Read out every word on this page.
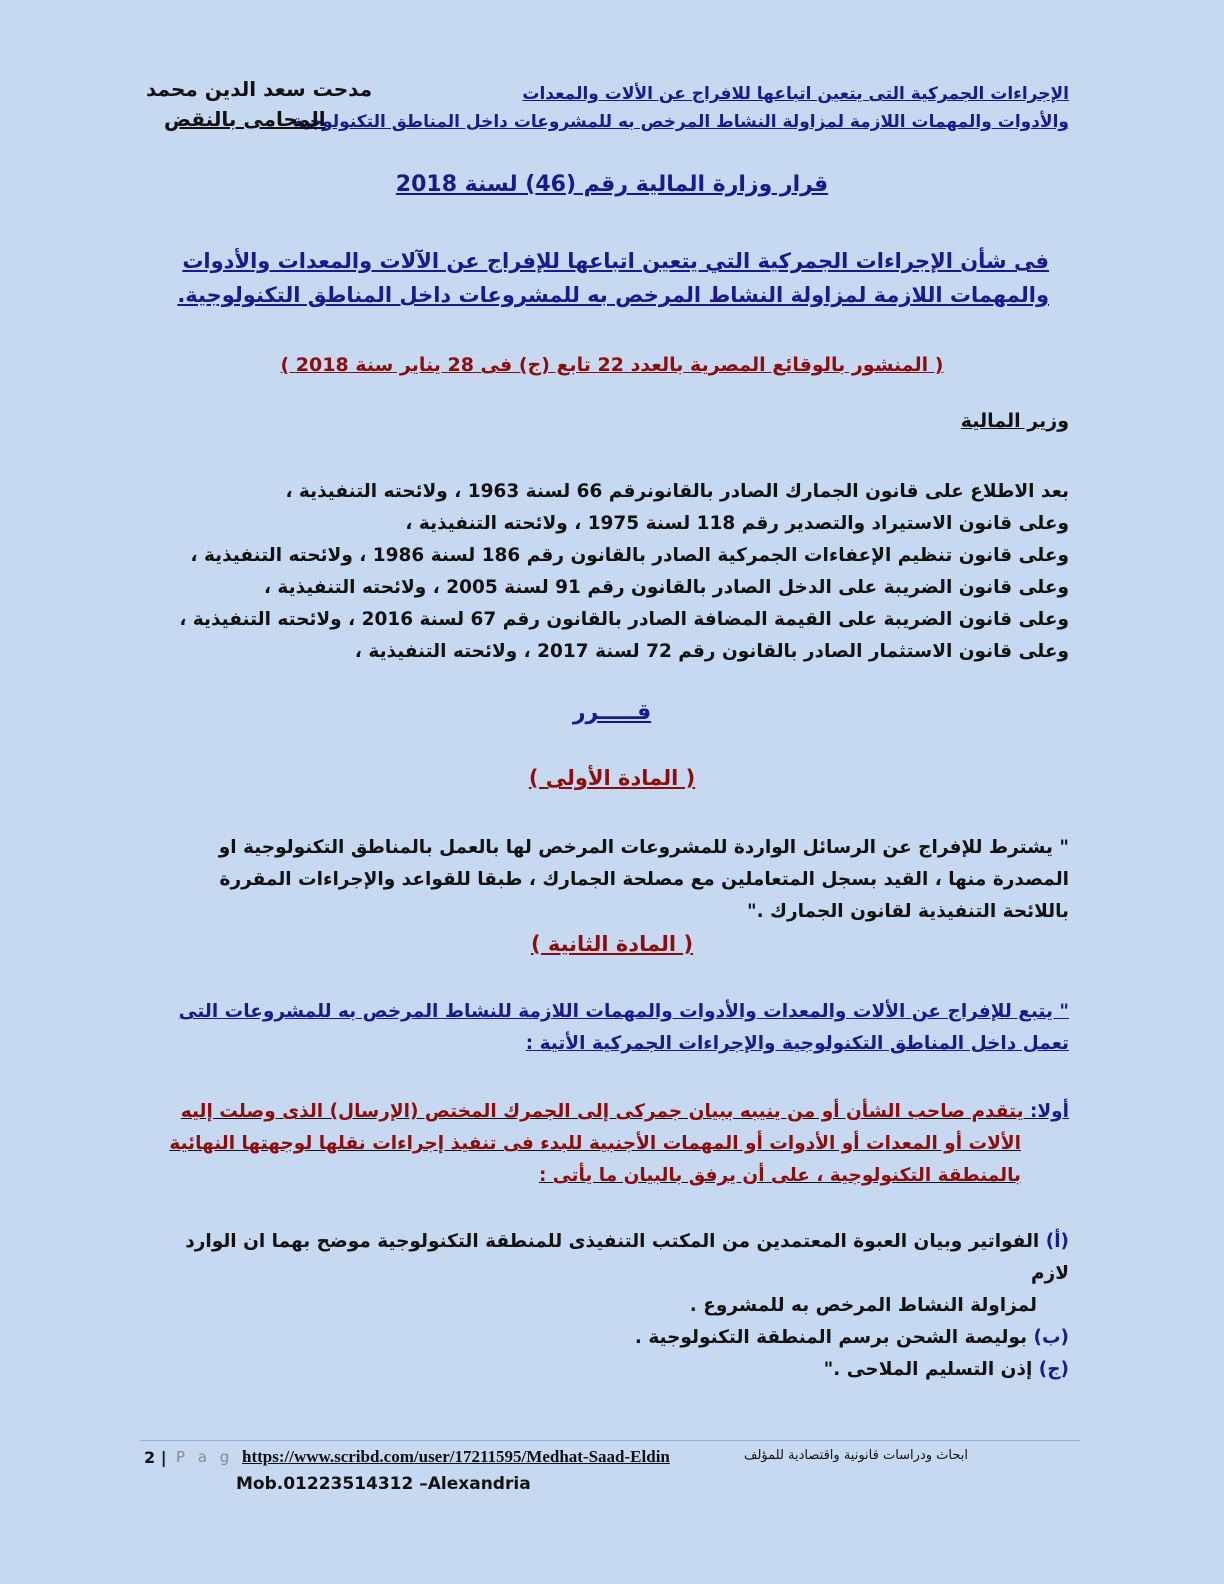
الإجراءات الجمركية التى يتعين اتباعها للافراج عن الألات والمعدات
والأدوات والمهمات اللازمة لمزاولة النشاط المرخص به للمشروعات داخل المناطق التكنولوجية
مدحت سعد الدين محمد
المحامى بالنقض
قرار وزارة المالية رقم (46) لسنة 2018
فى شأن الإجراءات الجمركية التي يتعين اتباعها للإفراج عن الآلات والمعدات والأدوات والمهمات اللازمة لمزاولة النشاط المرخص به للمشروعات داخل المناطق التكنولوجية.
( المنشور بالوقائع المصرية بالعدد 22 تابع (ج) فى 28 يناير سنة 2018 )
وزير المالية
بعد الاطلاع على قانون الجمارك الصادر بالقانونرقم 66 لسنة 1963 ، ولائحته التنفيذية ،
وعلى قانون الاستيراد والتصدير رقم 118 لسنة 1975 ، ولائحته التنفيذية ،
وعلى قانون تنظيم الإعفاءات الجمركية الصادر بالقانون رقم 186 لسنة 1986 ، ولائحته التنفيذية ،
وعلى قانون الضريبة على الدخل الصادر بالقانون رقم 91 لسنة 2005 ، ولائحته التنفيذية ،
وعلى قانون الضريبة على القيمة المضافة الصادر بالقانون رقم 67 لسنة 2016 ، ولائحته التنفيذية ،
وعلى قانون الاستثمار الصادر بالقانون رقم 72 لسنة 2017 ، ولائحته التنفيذية ،
قـــــرر
( المادة الأولى )
" يشترط للإفراج عن الرسائل الواردة للمشروعات المرخص لها بالعمل بالمناطق التكنولوجية او المصدرة منها ، القيد بسجل المتعاملين مع مصلحة الجمارك ، طبقا للقواعد والإجراءات المقررة باللائحة التنفيذية لقانون الجمارك ."
( المادة الثانية )
" يتبع للإفراج عن الألات والمعدات والأدوات والمهمات اللازمة للنشاط المرخص به للمشروعات التى تعمل داخل المناطق التكنولوجية والإجراءات الجمركية الأتية :
أولا: يتقدم صاحب الشأن أو من ينيبه ببيان جمركى إلى الجمرك المختص (الإرسال) الذى وصلت إليه
الألات أو المعدات أو الأدوات أو المهمات الأجنبية للبدء فى تنفيذ إجراءات نقلها لوجهتها النهائية
بالمنطقة التكنولوجية ، على أن يرفق بالبيان ما يأتى :
(أ) الفواتير وبيان العبوة المعتمدين من المكتب التنفيذى للمنطقة التكنولوجية موضح بهما ان الوارد لازم
لمزاولة النشاط المرخص به للمشروع .
(ب) بوليصة الشحن برسم المنطقة التكنولوجية .
(ج) إذن التسليم الملاحى ."
2 | P a g e
https://www.scribd.com/user/17211595/Medhat-Saad-Eldin	ابحاث ودراسات قانونية واقتصادية للمؤلف
Mob.01223514312 –Alexandria
